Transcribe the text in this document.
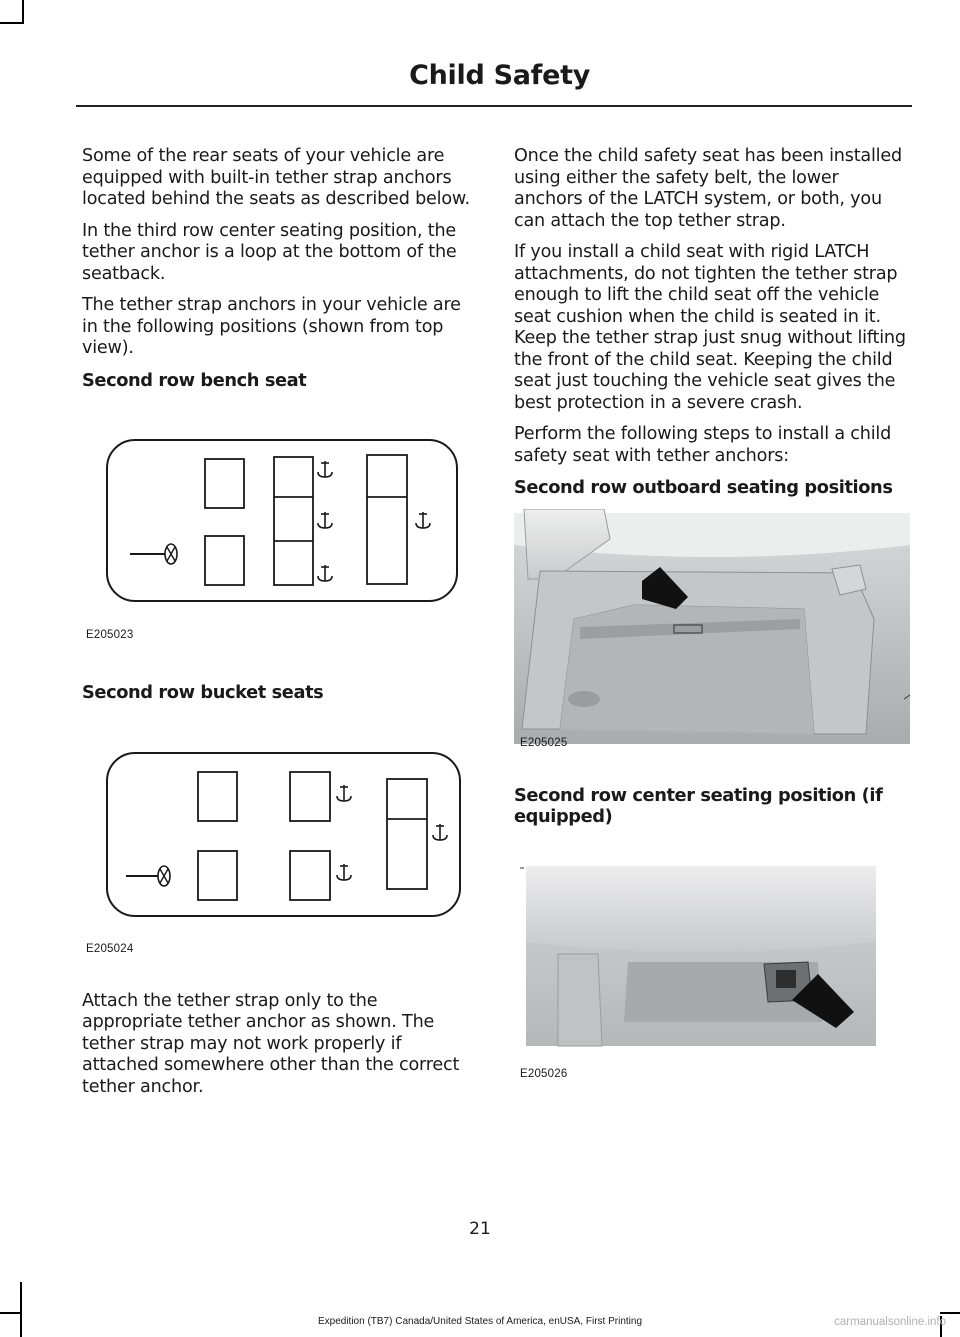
Child Safety

Some of the rear seats of your vehicle are equipped with built-in tether strap anchors located behind the seats as described below.

In the third row center seating position, the tether anchor is a loop at the bottom of the seatback.

The tether strap anchors in your vehicle are in the following positions (shown from top view).

Second row bench seat
E205023
Second row bucket seats
E205024

Attach the tether strap only to the appropriate tether anchor as shown. The tether strap may not work properly if attached somewhere other than the correct tether anchor.

Once the child safety seat has been installed using either the safety belt, the lower anchors of the LATCH system, or both, you can attach the top tether strap.

If you install a child seat with rigid LATCH attachments, do not tighten the tether strap enough to lift the child seat off the vehicle seat cushion when the child is seated in it. Keep the tether strap just snug without lifting the front of the child seat. Keeping the child seat just touching the vehicle seat gives the best protection in a severe crash.

Perform the following steps to install a child safety seat with tether anchors:

Second row outboard seating positions
E205025
Second row center seating position (if equipped)
E205026
21
Expedition (TB7) Canada/United States of America, enUSA, First Printing	carmanualsonline.info
